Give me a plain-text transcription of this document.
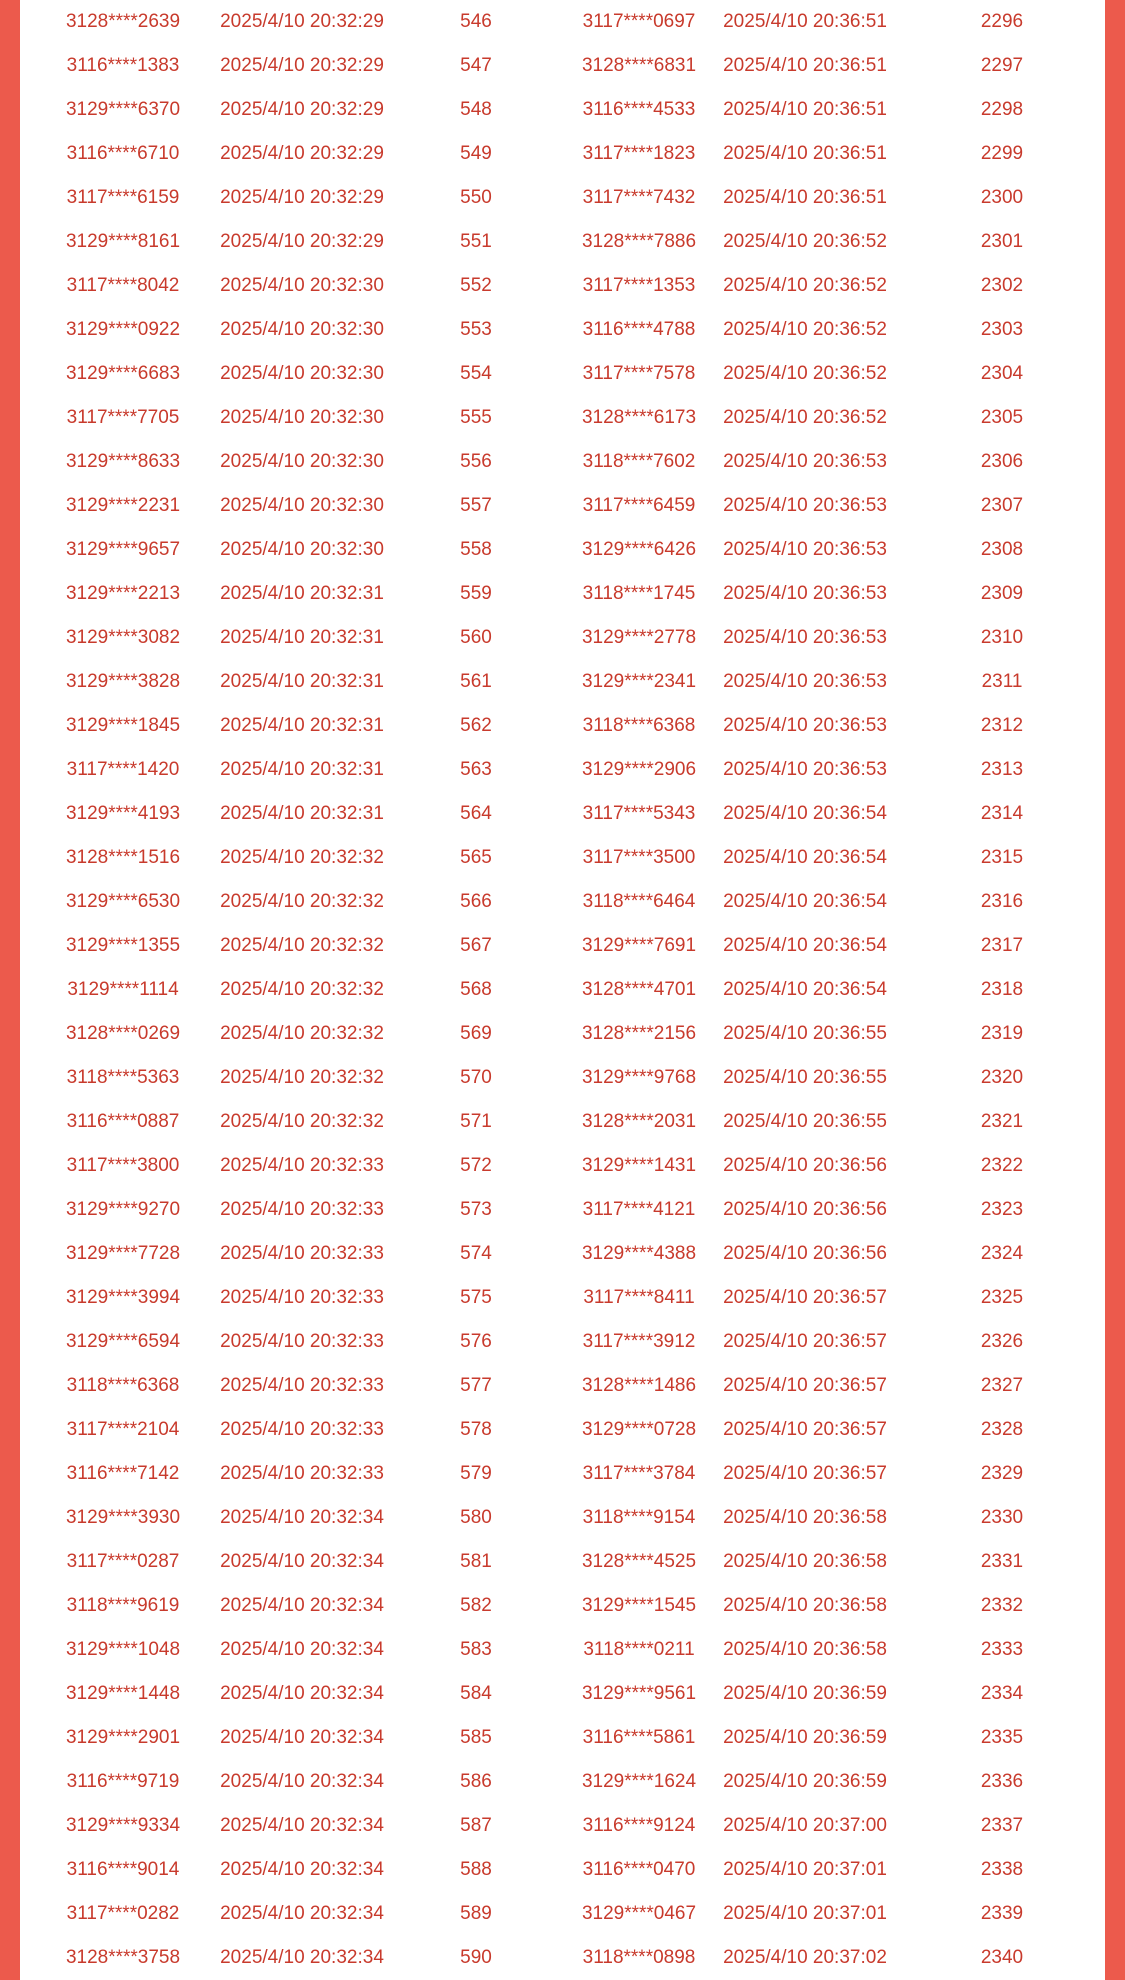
3128****2639 2025/4/10 20:32:29	546	3117****0697 2025/4/10 20:36:51	2296
3116****1383 2025/4/10 20:32:29	547	3128****6831 2025/4/10 20:36:51	2297
3129****6370 2025/4/10 20:32:29	548	3116****4533 2025/4/10 20:36:51	2298
3116****6710 2025/4/10 20:32:29	549	3117****1823 2025/4/10 20:36:51	2299
3117****6159 2025/4/10 20:32:29	550	3117****7432 2025/4/10 20:36:51	2300
3129****8161 2025/4/10 20:32:29	551	3128****7886 2025/4/10 20:36:52	2301
3117****8042 2025/4/10 20:32:30	552	3117****1353 2025/4/10 20:36:52	2302
3129****0922 2025/4/10 20:32:30	553	3116****4788 2025/4/10 20:36:52	2303
3129****6683 2025/4/10 20:32:30	554	3117****7578 2025/4/10 20:36:52	2304
3117****7705 2025/4/10 20:32:30	555	3128****6173 2025/4/10 20:36:52	2305
3129****8633 2025/4/10 20:32:30	556	3118****7602 2025/4/10 20:36:53	2306
3129****2231 2025/4/10 20:32:30	557	3117****6459 2025/4/10 20:36:53	2307
3129****9657 2025/4/10 20:32:30	558	3129****6426 2025/4/10 20:36:53	2308
3129****2213 2025/4/10 20:32:31	559	3118****1745 2025/4/10 20:36:53	2309
3129****3082 2025/4/10 20:32:31	560	3129****2778 2025/4/10 20:36:53	2310
3129****3828 2025/4/10 20:32:31	561	3129****2341 2025/4/10 20:36:53	2311
3129****1845 2025/4/10 20:32:31	562	3118****6368 2025/4/10 20:36:53	2312
3117****1420 2025/4/10 20:32:31	563	3129****2906 2025/4/10 20:36:53	2313
3129****4193 2025/4/10 20:32:31	564	3117****5343 2025/4/10 20:36:54	2314
3128****1516 2025/4/10 20:32:32	565	3117****3500 2025/4/10 20:36:54	2315
3129****6530 2025/4/10 20:32:32	566	3118****6464 2025/4/10 20:36:54	2316
3129****1355 2025/4/10 20:32:32	567	3129****7691 2025/4/10 20:36:54	2317
3129****1114 2025/4/10 20:32:32	568	3128****4701 2025/4/10 20:36:54	2318
3128****0269 2025/4/10 20:32:32	569	3128****2156 2025/4/10 20:36:55	2319
3118****5363 2025/4/10 20:32:32	570	3129****9768 2025/4/10 20:36:55	2320
3116****0887 2025/4/10 20:32:32	571	3128****2031 2025/4/10 20:36:55	2321
3117****3800 2025/4/10 20:32:33	572	3129****1431 2025/4/10 20:36:56	2322
3129****9270 2025/4/10 20:32:33	573	3117****4121 2025/4/10 20:36:56	2323
3129****7728 2025/4/10 20:32:33	574	3129****4388 2025/4/10 20:36:56	2324
3129****3994 2025/4/10 20:32:33	575	3117****8411 2025/4/10 20:36:57	2325
3129****6594 2025/4/10 20:32:33	576	3117****3912 2025/4/10 20:36:57	2326
3118****6368 2025/4/10 20:32:33	577	3128****1486 2025/4/10 20:36:57	2327
3117****2104 2025/4/10 20:32:33	578	3129****0728 2025/4/10 20:36:57	2328
3116****7142 2025/4/10 20:32:33	579	3117****3784 2025/4/10 20:36:57	2329
3129****3930 2025/4/10 20:32:34	580	3118****9154 2025/4/10 20:36:58	2330
3117****0287 2025/4/10 20:32:34	581	3128****4525 2025/4/10 20:36:58	2331
3118****9619 2025/4/10 20:32:34	582	3129****1545 2025/4/10 20:36:58	2332
3129****1048 2025/4/10 20:32:34	583	3118****0211 2025/4/10 20:36:58	2333
3129****1448 2025/4/10 20:32:34	584	3129****9561 2025/4/10 20:36:59	2334
3129****2901 2025/4/10 20:32:34	585	3116****5861 2025/4/10 20:36:59	2335
3116****9719 2025/4/10 20:32:34	586	3129****1624 2025/4/10 20:36:59	2336
3129****9334 2025/4/10 20:32:34	587	3116****9124 2025/4/10 20:37:00	2337
3116****9014 2025/4/10 20:32:34	588	3116****0470 2025/4/10 20:37:01	2338
3117****0282 2025/4/10 20:32:34	589	3129****0467 2025/4/10 20:37:01	2339
3128****3758 2025/4/10 20:32:34	590	3118****0898 2025/4/10 20:37:02	2340
